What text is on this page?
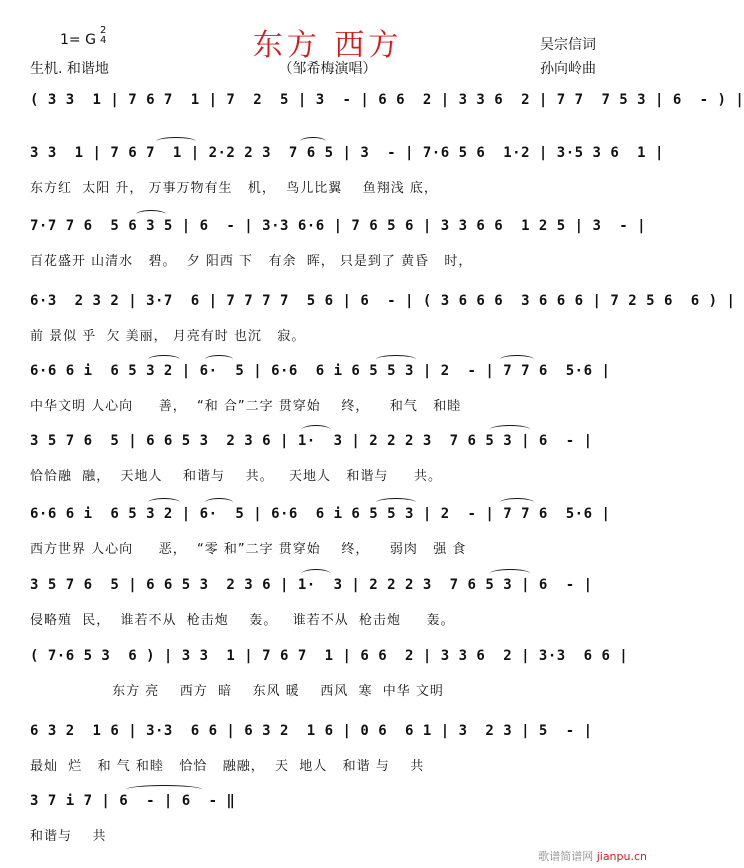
东方 西方
1= G
2
4
生机. 和谐地	（邹希梅演唱）
吴宗信词
孙向岭曲
( 3 3  1 | 7 6 7  1 | 7  2  5 | 3  - | 6 6  2 | 3 3 6  2 | 7 7  7 5 3 | 6  - ) |
3 3  1 | 7 6 7  1 | 2·2 2 3  7 6 5 | 3  - | 7·6 5 6  1·2 | 3·5 3 6  1 |
东方红  太阳 升， 万事万物有生   机，  鸟儿比翼    鱼翔浅 底，
7·7 7 6  5 6 3 5 | 6  - | 3·3 6·6 | 7 6 5 6 | 3 3 6 6  1 2 5 | 3  - |
百花盛开 山清水   碧。  夕 阳西 下   有余  晖， 只是到了 黄昏   时，
6·3  2 3 2 | 3·7  6 | 7 7 7 7  5 6 | 6  - | ( 3 6 6 6  3 6 6 6 | 7 2 5 6  6 ) |
前 景似 乎  欠 美丽， 月亮有时 也沉   寂。
6·6 6 i  6 5 3 2 | 6·  5 | 6·6  6 i 6 5 5 3 | 2  - | 7 7 6  5·6 |
中华文明 人心向     善，  “和 合”二字 贯穿始    终，    和气   和睦
3 5 7 6  5 | 6 6 5 3  2 3 6 | 1·  3 | 2 2 2 3  7 6 5 3 | 6  - |
恰恰融  融，  天地人    和谐与    共。   天地人   和谐与     共。
6·6 6 i  6 5 3 2 | 6·  5 | 6·6  6 i 6 5 5 3 | 2  - | 7 7 6  5·6 |
西方世界 人心向     恶，  “零 和”二字 贯穿始    终，    弱肉   强 食
3 5 7 6  5 | 6 6 5 3  2 3 6 | 1·  3 | 2 2 2 3  7 6 5 3 | 6  - |
侵略殖  民，  谁若不从  枪击炮    轰。   谁若不从  枪击炮     轰。
( 7·6 5 3  6 ) | 3 3  1 | 7 6 7  1 | 6 6  2 | 3 3 6  2 | 3·3  6 6 |
东方 亮    西方  暗    东风 暖    西风  寒  中华 文明
6 3 2  1 6 | 3·3  6 6 | 6 3 2  1 6 | 0 6  6 1 | 3  2 3 | 5  - |
最灿  烂   和 气 和睦   恰恰   融融，  天  地人   和谐 与    共
3 7 i 7 | 6  - | 6  - ‖
和谐与    共
歌谱简谱网 jianpu.cn
